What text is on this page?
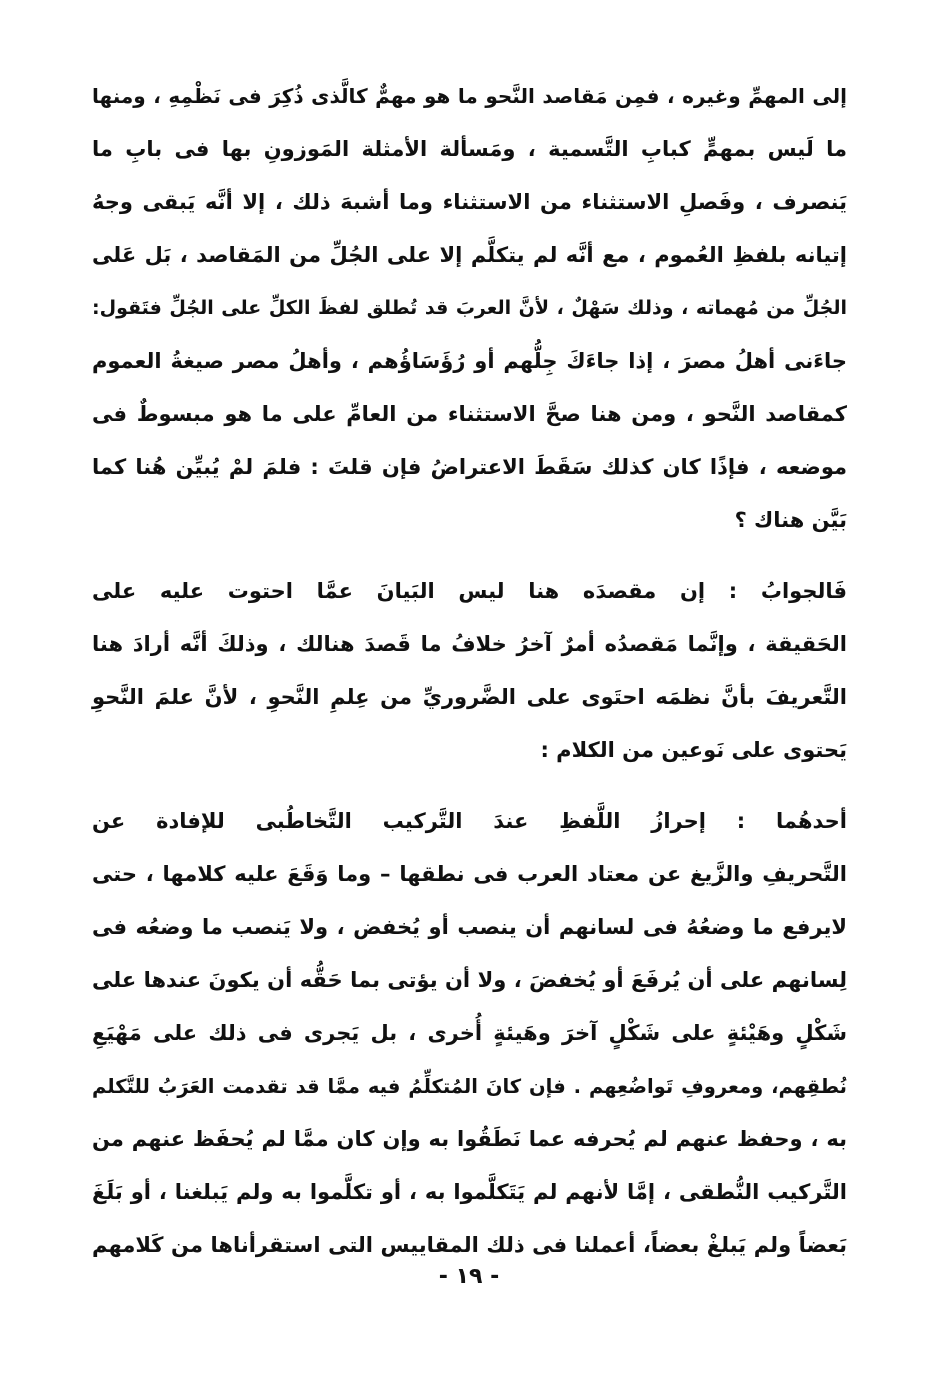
إلى المهمِّ وغيره ، فمِن مَقاصد النَّحو ما هو مهمٌّ كالَّذى ذُكِرَ فى نَظْمِهِ ، ومنها
ما لَيس بمهمٍّ كبابِ التَّسمية ، ومَسألة الأمثلة المَوزونِ بها فى بابِ ما
يَنصرف ، وفَصلِ الاستثناء من الاستثناء وما أشبهَ ذلك ، إلا أنَّه يَبقى وجهُ
إتيانه بلفظِ العُموم ، مع أنَّه لم يتكلَّم إلا على الجُلِّ من المَقاصد ، بَل عَلى
الجُلِّ من مُهماته ، وذلك سَهْلٌ ، لأنَّ العربَ قد تُطلق لفظَ الكلِّ على الجُلِّ فتَقول:
جاءَنى أهلُ مصرَ ، إذا جاءَكَ جِلُّهم أو رُؤَسَاؤُهم ، وأهلُ مصر صيغةُ العموم
كمقاصد النَّحو ، ومن هنا صحَّ الاستثناء من العامِّ على ما هو مبسوطٌ فى
موضعه ، فإذًا كان كذلك سَقَطَ الاعتراضُ فإن قلتَ : فلمَ لمْ يُبيِّن هُنا كما
بَيَّن هناك ؟

فَالجوابُ : إن مقصدَه هنا ليس البَيانَ عمَّا احتوت عليه على
الحَقيقة ، وإنَّما مَقصدُه أمرٌ آخرُ خلافُ ما قَصدَ هنالك ، وذلكَ أنَّه أرادَ هنا
التَّعريفَ بأنَّ نظمَه احتَوى على الضَّروريِّ من عِلمِ النَّحوِ ، لأنَّ علمَ النَّحوِ
يَحتوى على نَوعين من الكلام :

أحدهُما : إحرازُ اللَّفظِ عندَ التَّركيب التَّخاطُبى للإفادة عن
التَّحريفِ والزَّيغ عن معتاد العرب فى نطقها – وما وَقَعَ عليه كلامها ، حتى
لايرفع ما وضعُهُ فى لسانهم أن ينصب أو يُخفض ، ولا يَنصب ما وضعُه فى
لِسانهم على أن يُرفَعَ أو يُخفضَ ، ولا أن يؤتى بما حَقُّه أن يكونَ عندها على
شَكْلٍ وهَيْئةٍ على شَكْلٍ آخرَ وهَيئةٍ أُخرى ، بل يَجرى فى ذلك على مَهْيَعِ
نُطقِهم، ومعروفِ تَواضُعِهم . فإن كانَ المُتكلِّمُ فيه ممَّا قد تقدمت العَرَبُ للتَّكلم
به ، وحفظ عنهم لم يُحرفه عما نَطَقُوا به وإن كان ممَّا لم يُحفَظ عنهم من
التَّركيب النُّطقى ، إمَّا لأنهم لم يَتَكلَّموا به ، أو تكلَّموا به ولم يَبلغنا ، أو بَلَغَ
بَعضاً ولم يَبلغْ بعضاً، أعملنا فى ذلك المقاييس التى استقرأناها من كَلامهم

- ١٩ -
